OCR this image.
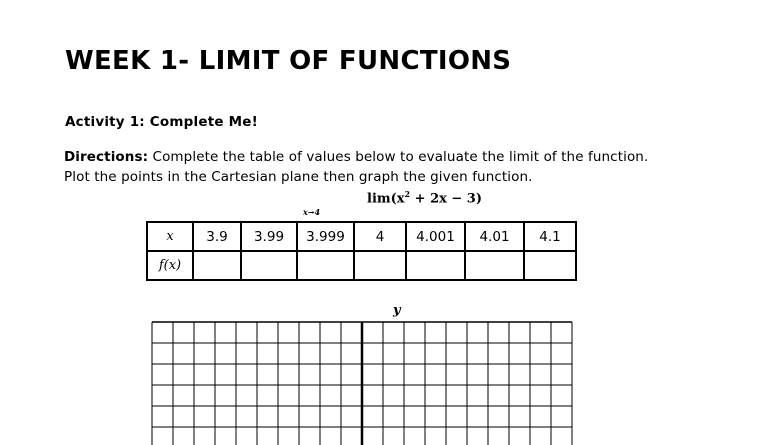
WEEK 1- LIMIT OF FUNCTIONS
Activity 1: Complete Me!
Directions: Complete the table of values below to evaluate the limit of the function.
Plot the points in the Cartesian plane then graph the given function.
$\lim(x^2 + 2x - 3)$
x→4
x	3.9	3.99	3.999	4	4.001	4.01	4.1
f(x)							
y
